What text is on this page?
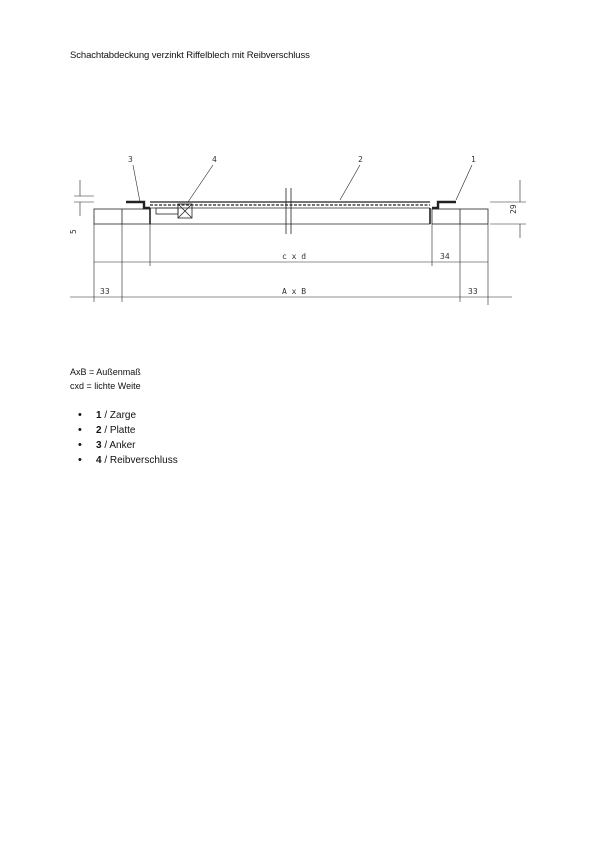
Schachtabdeckung verzinkt Riffelblech mit Reibverschluss
3	4	2	1
29
5
c x d	34
A x B
33	33
AxB = Außenmaß
cxd = lichte Weite
• 1 / Zarge
• 2 / Platte
• 3 / Anker
• 4 / Reibverschluss
